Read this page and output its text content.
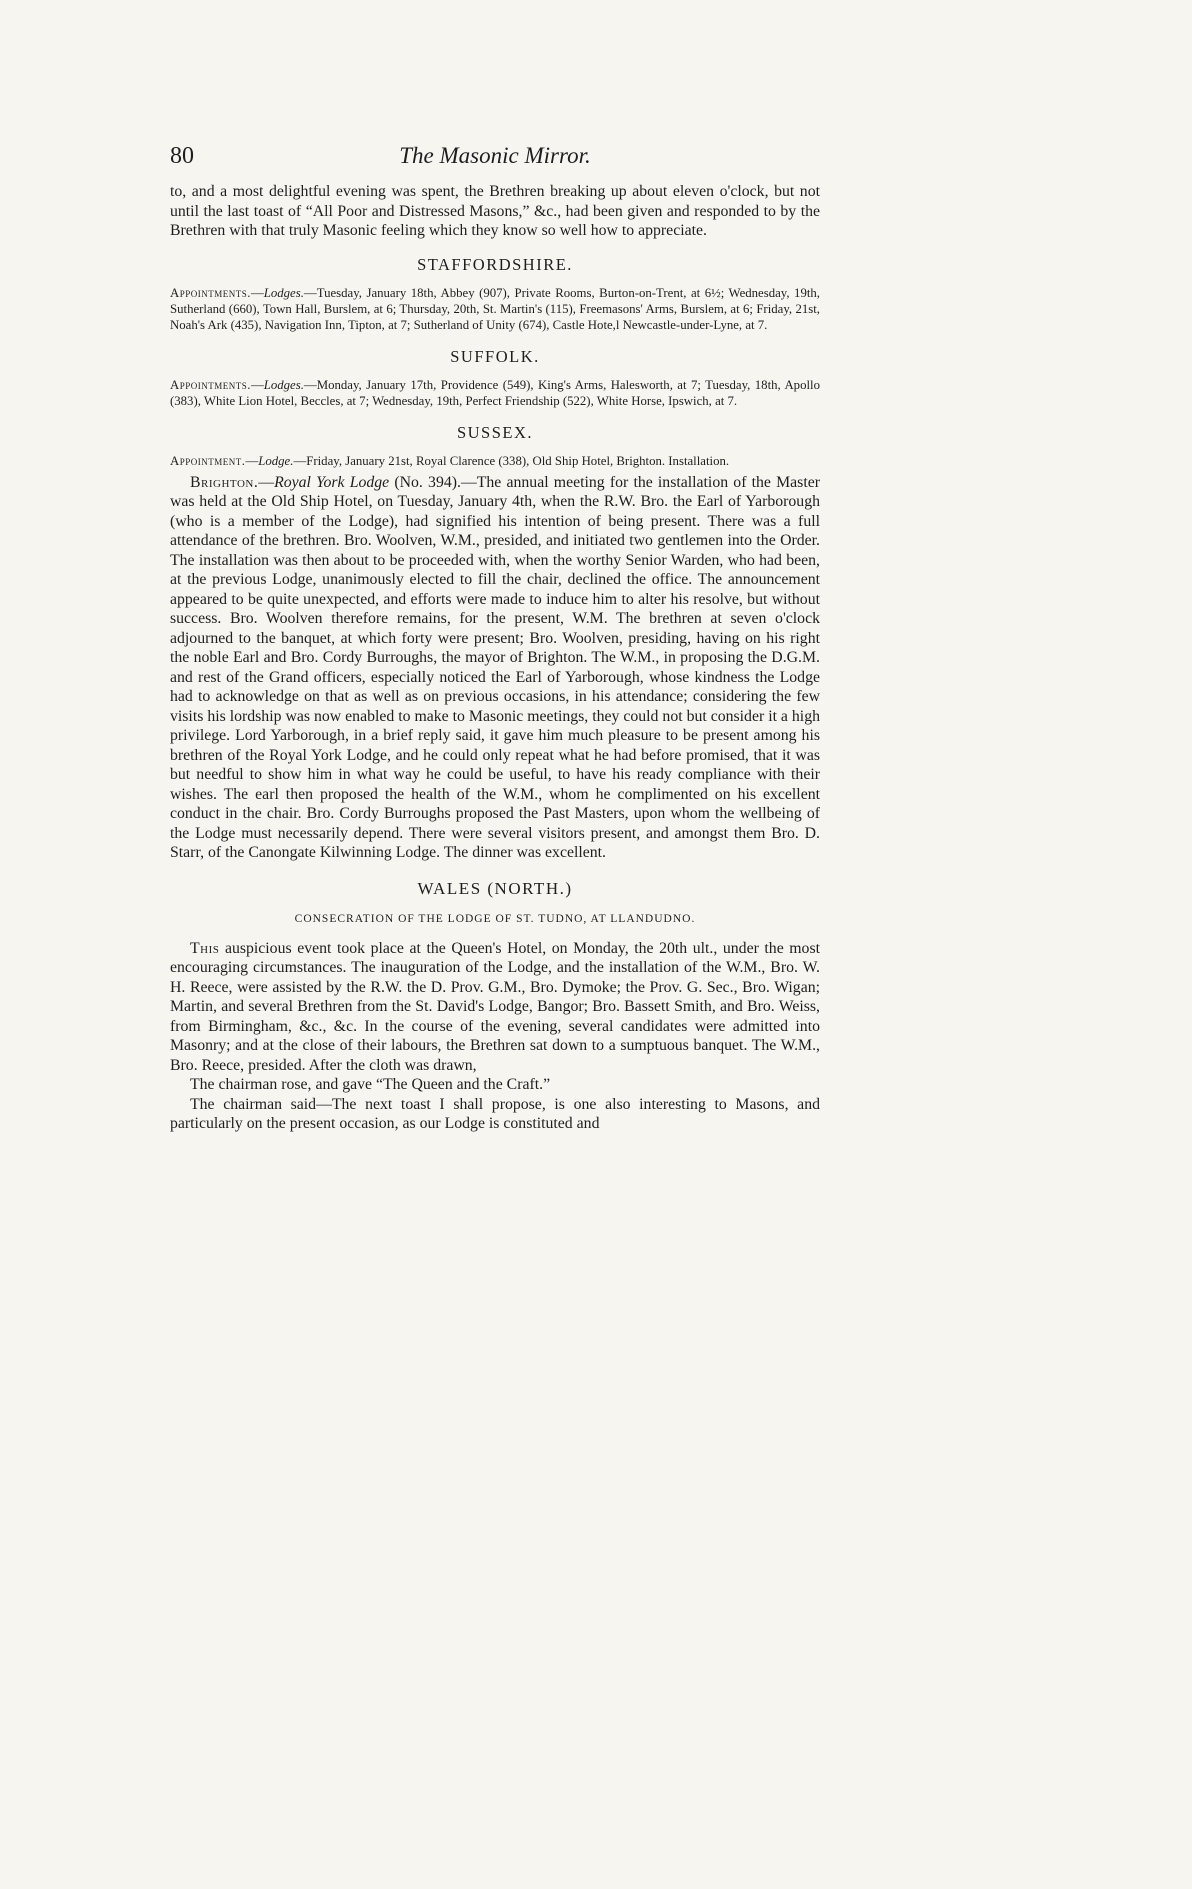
80	The Masonic Mirror.

to, and a most delightful evening was spent, the Brethren breaking up about eleven o'clock, but not until the last toast of “All Poor and Distressed Masons,” &c., had been given and responded to by the Brethren with that truly Masonic feeling which they know so well how to appreciate.

STAFFORDSHIRE.

Appointments.—Lodges.—Tuesday, January 18th, Abbey (907), Private Rooms, Burton-on-Trent, at 6½; Wednesday, 19th, Sutherland (660), Town Hall, Burslem, at 6; Thursday, 20th, St. Martin's (115), Freemasons' Arms, Burslem, at 6; Friday, 21st, Noah's Ark (435), Navigation Inn, Tipton, at 7; Sutherland of Unity (674), Castle Hote,l Newcastle-under-Lyne, at 7.

SUFFOLK.

Appointments.—Lodges.—Monday, January 17th, Providence (549), King's Arms, Halesworth, at 7; Tuesday, 18th, Apollo (383), White Lion Hotel, Beccles, at 7; Wednesday, 19th, Perfect Friendship (522), White Horse, Ipswich, at 7.

SUSSEX.

Appointment.—Lodge.—Friday, January 21st, Royal Clarence (338), Old Ship Hotel, Brighton. Installation.

Brighton.—Royal York Lodge (No. 394).—The annual meeting for the installation of the Master was held at the Old Ship Hotel, on Tuesday, January 4th, when the R.W. Bro. the Earl of Yarborough (who is a member of the Lodge), had signified his intention of being present. There was a full attendance of the brethren. Bro. Woolven, W.M., presided, and initiated two gentlemen into the Order. The installation was then about to be proceeded with, when the worthy Senior Warden, who had been, at the previous Lodge, unanimously elected to fill the chair, declined the office. The announcement appeared to be quite unexpected, and efforts were made to induce him to alter his resolve, but without success. Bro. Woolven therefore remains, for the present, W.M. The brethren at seven o'clock adjourned to the banquet, at which forty were present; Bro. Woolven, presiding, having on his right the noble Earl and Bro. Cordy Burroughs, the mayor of Brighton. The W.M., in proposing the D.G.M. and rest of the Grand officers, especially noticed the Earl of Yarborough, whose kindness the Lodge had to acknowledge on that as well as on previous occasions, in his attendance; considering the few visits his lordship was now enabled to make to Masonic meetings, they could not but consider it a high privilege. Lord Yarborough, in a brief reply said, it gave him much pleasure to be present among his brethren of the Royal York Lodge, and he could only repeat what he had before promised, that it was but needful to show him in what way he could be useful, to have his ready compliance with their wishes. The earl then proposed the health of the W.M., whom he complimented on his excellent conduct in the chair. Bro. Cordy Burroughs proposed the Past Masters, upon whom the wellbeing of the Lodge must necessarily depend. There were several visitors present, and amongst them Bro. D. Starr, of the Canongate Kilwinning Lodge. The dinner was excellent.

WALES (NORTH.)
CONSECRATION OF THE LODGE OF ST. TUDNO, AT LLANDUDNO.

This auspicious event took place at the Queen's Hotel, on Monday, the 20th ult., under the most encouraging circumstances. The inauguration of the Lodge, and the installation of the W.M., Bro. W. H. Reece, were assisted by the R.W. the D. Prov. G.M., Bro. Dymoke; the Prov. G. Sec., Bro. Wigan; Martin, and several Brethren from the St. David's Lodge, Bangor; Bro. Bassett Smith, and Bro. Weiss, from Birmingham, &c., &c. In the course of the evening, several candidates were admitted into Masonry; and at the close of their labours, the Brethren sat down to a sumptuous banquet. The W.M., Bro. Reece, presided. After the cloth was drawn,

The chairman rose, and gave “The Queen and the Craft.”

The chairman said—The next toast I shall propose, is one also interesting to Masons, and particularly on the present occasion, as our Lodge is constituted and
